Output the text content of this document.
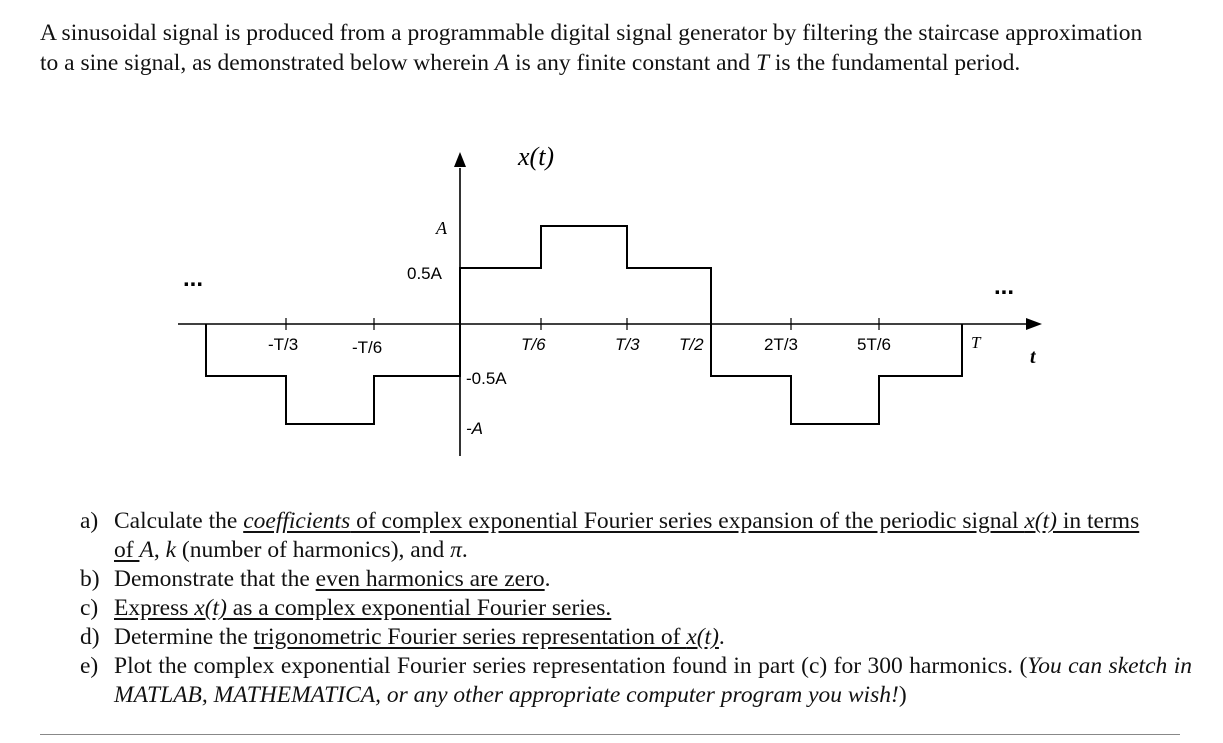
A sinusoidal signal is produced from a programmable digital signal generator by filtering the staircase approximation

to a sine signal, as demonstrated below wherein A is any finite constant and T is the fundamental period.

x(t)
A
0.5A
-0.5A
-A
-T/3	-T/6	T/6	T/3 T/2	2T/3	5T/6	T
t
...	...
a) Calculate the coefficients of complex exponential Fourier series expansion of the periodic signal x(t) in terms
of A, k (number of harmonics), and π.
b) Demonstrate that the even harmonics are zero.
c) Express x(t) as a complex exponential Fourier series.
d) Determine the trigonometric Fourier series representation of x(t).
e) Plot the complex exponential Fourier series representation found in part (c) for 300 harmonics. (You can sketch in MATLAB, MATHEMATICA, or any other appropriate computer program you wish!)
